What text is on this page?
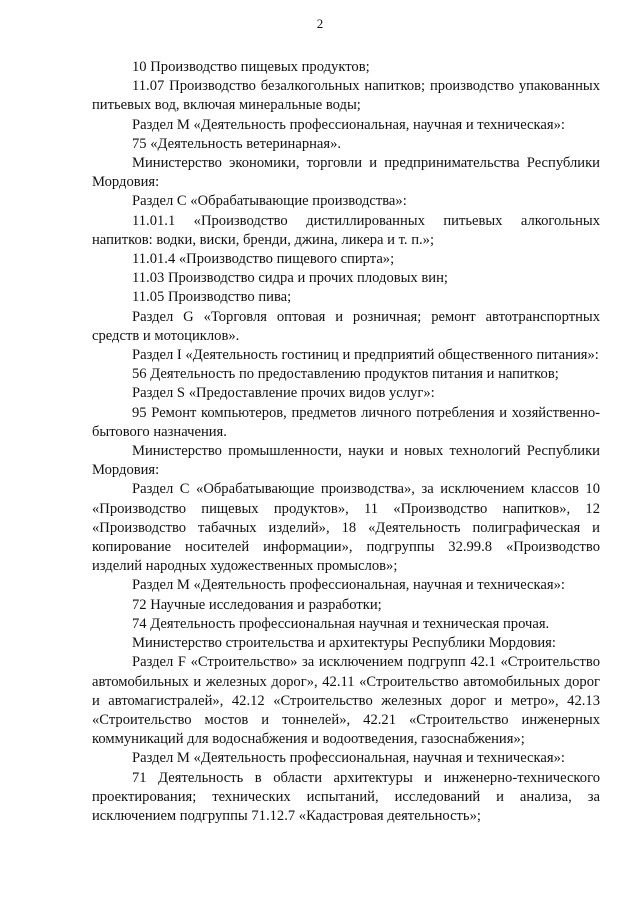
2

10 Производство пищевых продуктов;

11.07 Производство безалкогольных напитков; производство упакованных питьевых вод, включая минеральные воды;

Раздел М «Деятельность профессиональная, научная и техническая»:

75 «Деятельность ветеринарная».

Министерство экономики, торговли и предпринимательства Республики Мордовия:

Раздел С «Обрабатывающие производства»:

11.01.1 «Производство дистиллированных питьевых алкогольных напитков: водки, виски, бренди, джина, ликера и т. п.»;

11.01.4 «Производство пищевого спирта»;

11.03 Производство сидра и прочих плодовых вин;

11.05 Производство пива;

Раздел G «Торговля оптовая и розничная; ремонт автотранспортных средств и мотоциклов».

Раздел I «Деятельность гостиниц и предприятий общественного питания»:

56 Деятельность по предоставлению продуктов питания и напитков;

Раздел S «Предоставление прочих видов услуг»:

95 Ремонт компьютеров, предметов личного потребления и хозяйственно-бытового назначения.

Министерство промышленности, науки и новых технологий Республики Мордовия:

Раздел С «Обрабатывающие производства», за исключением классов 10 «Производство пищевых продуктов», 11 «Производство напитков», 12 «Производство табачных изделий», 18 «Деятельность полиграфическая и копирование носителей информации», подгруппы 32.99.8 «Производство изделий народных художественных промыслов»;

Раздел М «Деятельность профессиональная, научная и техническая»:

72 Научные исследования и разработки;

74 Деятельность профессиональная научная и техническая прочая.

Министерство строительства и архитектуры Республики Мордовия:

Раздел F «Строительство» за исключением подгрупп 42.1 «Строительство автомобильных и железных дорог», 42.11 «Строительство автомобильных дорог и автомагистралей», 42.12 «Строительство железных дорог и метро», 42.13 «Строительство мостов и тоннелей», 42.21 «Строительство инженерных коммуникаций для водоснабжения и водоотведения, газоснабжения»;

Раздел М «Деятельность профессиональная, научная и техническая»:

71 Деятельность в области архитектуры и инженерно-технического проектирования; технических испытаний, исследований и анализа, за исключением подгруппы 71.12.7 «Кадастровая деятельность»;
